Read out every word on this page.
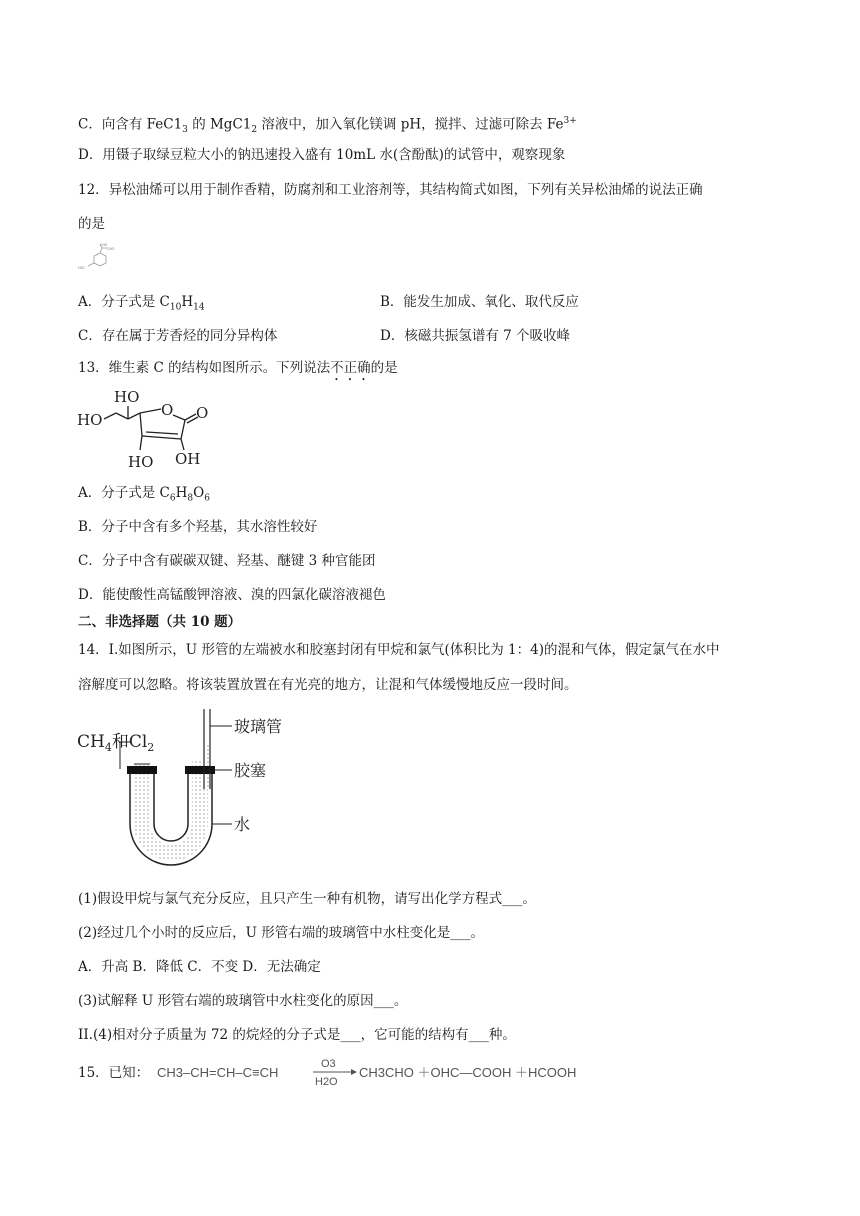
C．向含有 $FeC1_3$ 的 $MgC1_2$ 溶液中，加入氧化镁调 pH，搅拌、过滤可除去 $Fe^{3+}$
D．用镊子取绿豆粒大小的钠迅速投入盛有 10mL 水(含酚酞)的试管中，观察现象
12．异松油烯可以用于制作香精，防腐剂和工业溶剂等，其结构简式如图，下列有关异松油烯的说法正确
的是
CH3
CH3
H3C
A．分子式是 $C_{10}H_{14}$	B．能发生加成、氧化、取代反应
C．存在属于芳香烃的同分异构体	D．核磁共振氢谱有 7 个吸收峰
13．维生素 C 的结构如图所示。下列说法不正确的是
HO
HO
O O
HO OH
A．分子式是 $C_6H_8O_6$
B．分子中含有多个羟基，其水溶性较好
C．分子中含有碳碳双键、羟基、醚键 3 种官能团
D．能使酸性高锰酸钾溶液、溴的四氯化碳溶液褪色
二、非选择题（共 10 题）
14．I.如图所示，U 形管的左端被水和胶塞封闭有甲烷和氯气(体积比为 1：4)的混和气体，假定氯气在水中
溶解度可以忽略。将该装置放置在有光亮的地方，让混和气体缓慢地反应一段时间。
$CH_4$和$Cl_2$
玻璃管
胶塞
水
(1)假设甲烷与氯气充分反应，且只产生一种有机物，请写出化学方程式___。
(2)经过几个小时的反应后，U 形管右端的玻璃管中水柱变化是___。
A．升高 B．降低 C．不变 D．无法确定
(3)试解释 U 形管右端的玻璃管中水柱变化的原因___。
II.(4)相对分子质量为 72 的烷烃的分子式是___，它可能的结构有___种。
15．已知： CH3–CH=CH–C≡CH
O3
H2O
CH3CHO ＋OHC—COOH ＋HCOOH
